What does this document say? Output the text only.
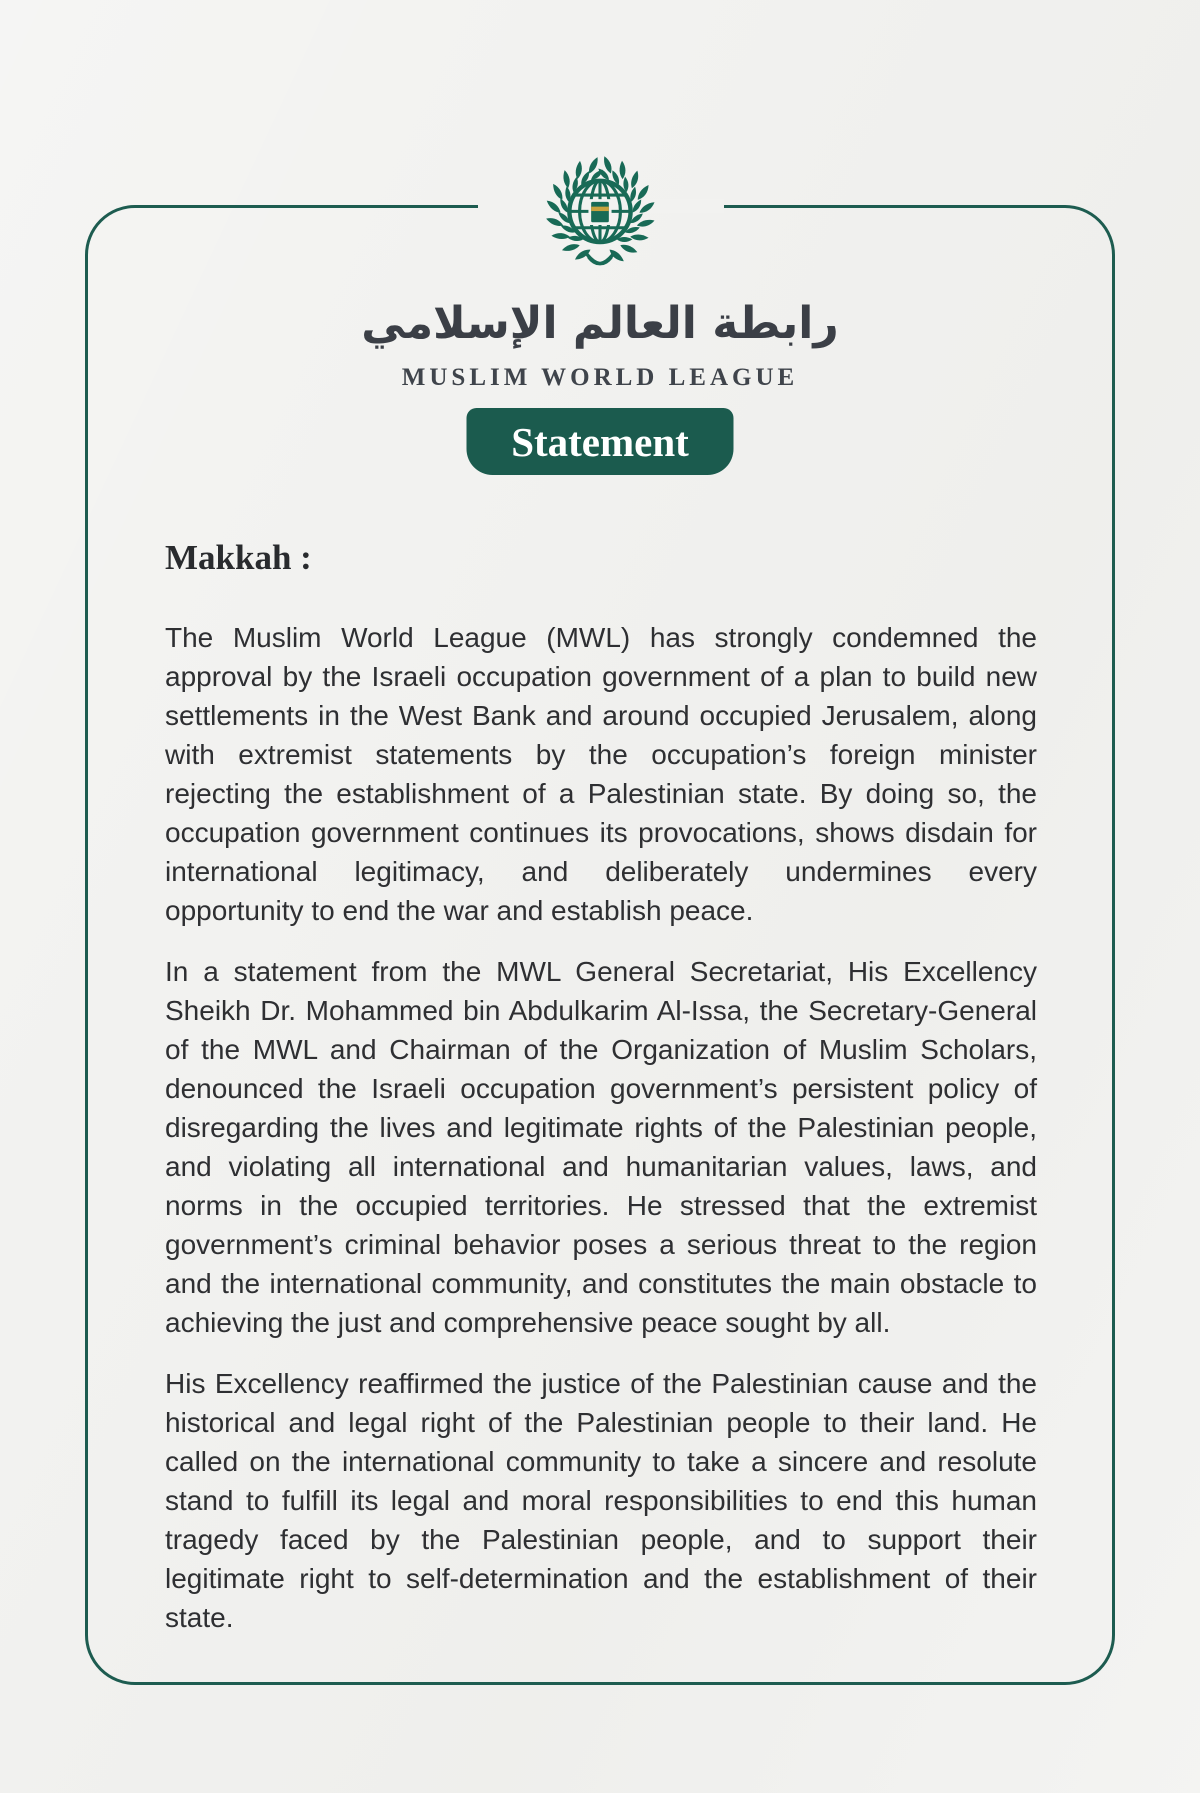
رابطة العالم الإسلامي
MUSLIM WORLD LEAGUE
Statement
Makkah :

The Muslim World League (MWL) has strongly condemned the approval by the Israeli occupation government of a plan to build new settlements in the West Bank and around occupied Jerusalem, along with extremist statements by the occupation’s foreign minister rejecting the establishment of a Palestinian state. By doing so, the occupation government continues its provocations, shows disdain for international legitimacy, and deliberately undermines every opportunity to end the war and establish peace.

In a statement from the MWL General Secretariat, His Excellency Sheikh Dr. Mohammed bin Abdulkarim Al-Issa, the Secretary-General of the MWL and Chairman of the Organization of Muslim Scholars, denounced the Israeli occupation government’s persistent policy of disregarding the lives and legitimate rights of the Palestinian people, and violating all international and humanitarian values, laws, and norms in the occupied territories. He stressed that the extremist government’s criminal behavior poses a serious threat to the region and the international community, and constitutes the main obstacle to achieving the just and comprehensive peace sought by all.

His Excellency reaffirmed the justice of the Palestinian cause and the historical and legal right of the Palestinian people to their land. He called on the international community to take a sincere and resolute stand to fulfill its legal and moral responsibilities to end this human tragedy faced by the Palestinian people, and to support their legitimate right to self-determination and the establishment of their state.
